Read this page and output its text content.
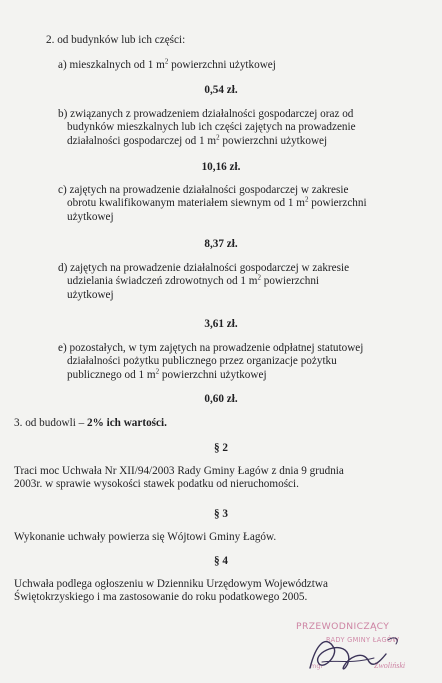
2. od budynków lub ich części:
a) mieszkalnych od 1 $m^2$ powierzchni użytkowej
0,54 zł.
b) związanych z prowadzeniem działalności gospodarczej oraz od
budynków mieszkalnych lub ich części zajętych na prowadzenie
działalności gospodarczej od 1 $m^2$ powierzchni użytkowej
10,16 zł.
c) zajętych na prowadzenie działalności gospodarczej w zakresie
obrotu kwalifikowanym materiałem siewnym od 1 $m^2$ powierzchni
użytkowej
8,37 zł.
d) zajętych na prowadzenie działalności gospodarczej w zakresie
udzielania świadczeń zdrowotnych od 1 $m^2$ powierzchni
użytkowej
3,61 zł.
e) pozostałych, w tym zajętych na prowadzenie odpłatnej statutowej
działalności pożytku publicznego przez organizacje pożytku
publicznego od 1 $m^2$ powierzchni użytkowej
0,60 zł.
3. od budowli – 2% ich wartości.
§ 2
Traci moc Uchwała Nr XII/94/2003 Rady Gminy Łagów z dnia 9 grudnia
2003r. w sprawie wysokości stawek podatku od nieruchomości.
§ 3
Wykonanie uchwały powierza się Wójtowi Gminy Łagów.
§ 4
Uchwała podlega ogłoszeniu w Dzienniku Urzędowym Województwa
Świętokrzyskiego i ma zastosowanie do roku podatkowego 2005.
PRZEWODNICZĄCY
RADY GMINY ŁAGÓW
mgr	Zwoliński
